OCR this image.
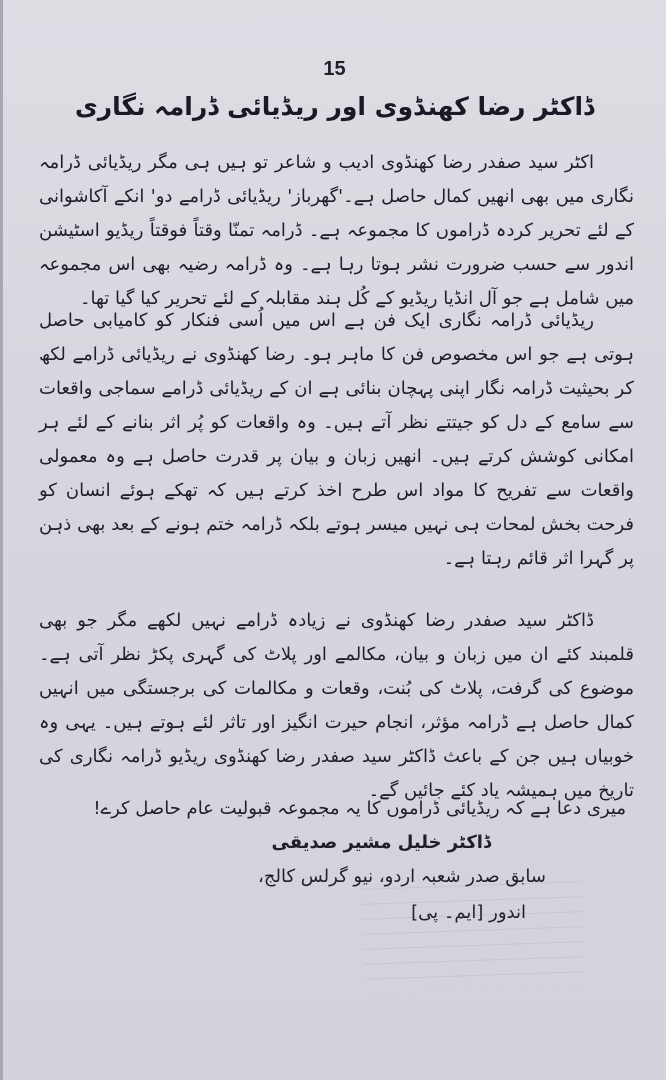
15
ڈاکٹر رضا کھنڈوی اور ریڈیائی ڈرامہ نگاری

اکٹر سید صفدر رضا کھنڈوی ادیب و شاعر تو ہیں ہی مگر ریڈیائی ڈرامہ نگاری میں بھی انھیں کمال حاصل ہے۔'گھرباز' ریڈیائی ڈرامے دو' انکے آکاشوانی کے لئے تحریر کردہ ڈراموں کا مجموعہ ہے۔ ڈرامہ تمنّا وقتاً فوقتاً ریڈیو اسٹیشن اندور سے حسب ضرورت نشر ہوتا رہا ہے۔ وہ ڈرامہ رضیہ بھی اس مجموعہ میں شامل ہے جو آل انڈیا ریڈیو کے کُل ہند مقابلہ کے لئے تحریر کیا گیا تھا۔

ریڈیائی ڈرامہ نگاری ایک فن ہے اس میں اُسی فنکار کو کامیابی حاصل ہوتی ہے جو اس مخصوص فن کا ماہر ہو۔ رضا کھنڈوی نے ریڈیائی ڈرامے لکھ کر بحیثیت ڈرامہ نگار اپنی پہچان بنائی ہے ان کے ریڈیائی ڈرامے سماجی واقعات سے سامع کے دل کو جیتتے نظر آتے ہیں۔ وہ واقعات کو پُر اثر بنانے کے لئے ہر امکانی کوشش کرتے ہیں۔ انھیں زبان و بیان پر قدرت حاصل ہے وہ معمولی واقعات سے تفریح کا مواد اس طرح اخذ کرتے ہیں کہ تھکے ہوئے انسان کو فرحت بخش لمحات ہی نہیں میسر ہوتے بلکہ ڈرامہ ختم ہونے کے بعد بھی ذہن پر گہرا اثر قائم رہتا ہے۔

ڈاکٹر سید صفدر رضا کھنڈوی نے زیادہ ڈرامے نہیں لکھے مگر جو بھی قلمبند کئے ان میں زبان و بیان، مکالمے اور پلاٹ کی گہری پکڑ نظر آتی ہے۔ موضوع کی گرفت، پلاٹ کی بُنت، وقعات و مکالمات کی برجستگی میں انہیں کمال حاصل ہے ڈرامہ مؤثر، انجام حیرت انگیز اور تاثر لئے ہوتے ہیں۔ یہی وہ خوبیاں ہیں جن کے باعث ڈاکٹر سید صفدر رضا کھنڈوی ریڈیو ڈرامہ نگاری کی تاریخ میں ہمیشہ یاد کئے جائیں گے۔

میری دعا ہے کہ ریڈیائی ڈراموں کا یہ مجموعہ قبولیت عام حاصل کرے!
ڈاکٹر خلیل مشیر صدیقی
سابق صدر شعبہ اردو، نیو گرلس کالج،
اندور [ایم۔ پی]
